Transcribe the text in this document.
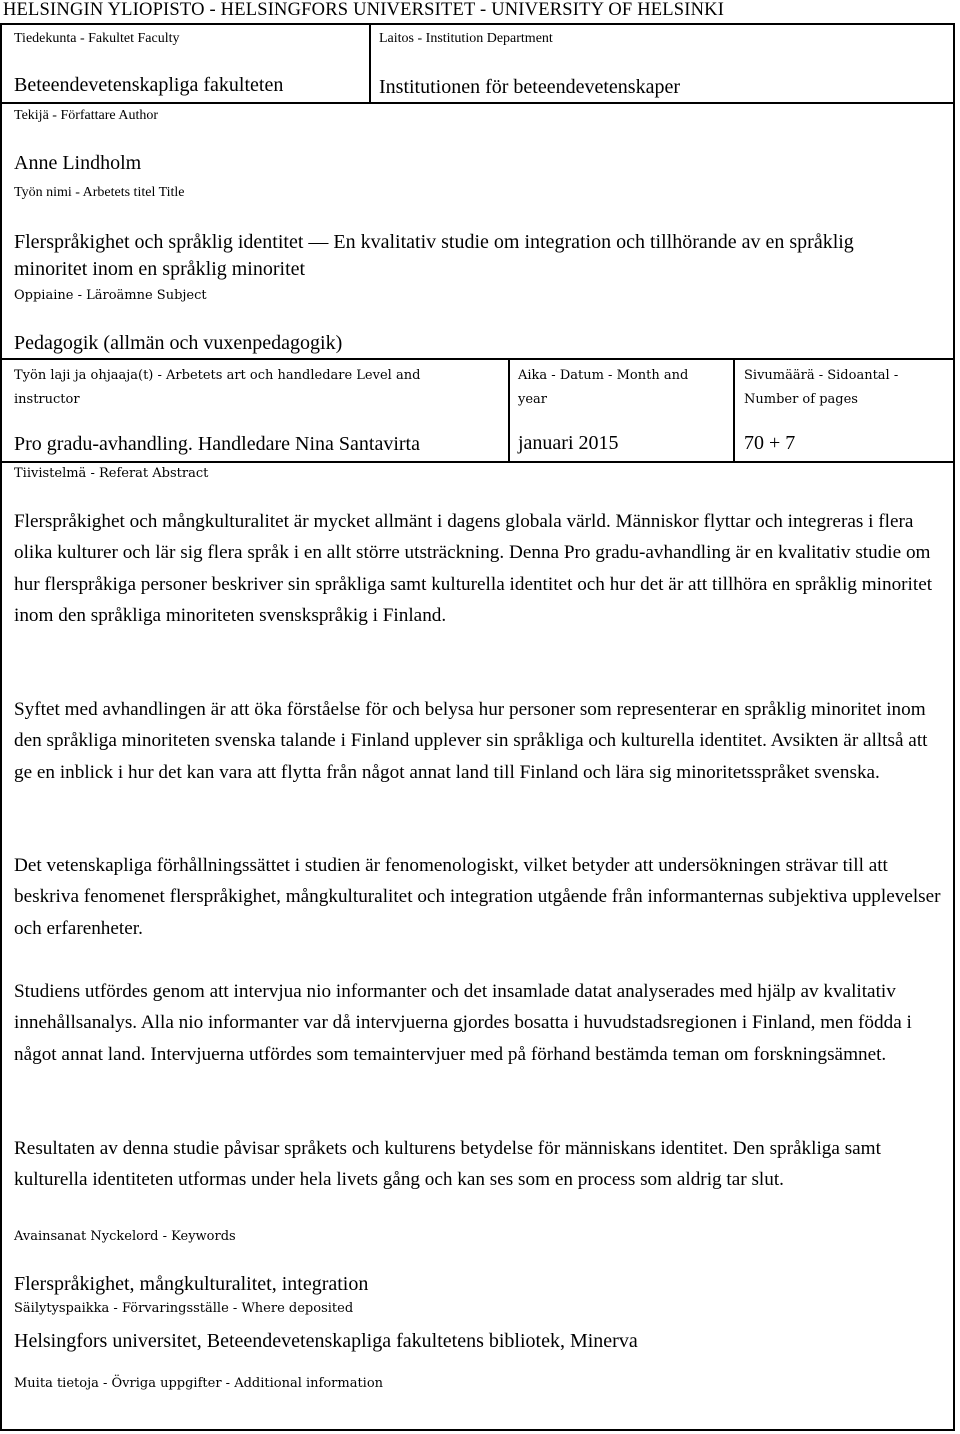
HELSINGIN YLIOPISTO - HELSINGFORS UNIVERSITET - UNIVERSITY OF HELSINKI
Tiedekunta - Fakultet Faculty
Beteendevetenskapliga fakulteten
Laitos - Institution Department
Institutionen för beteendevetenskaper
Tekijä - Författare Author
Anne Lindholm
Työn nimi - Arbetets titel Title
Flerspråkighet och språklig identitet — En kvalitativ studie om integration och tillhörande av en språklig minoritet inom en språklig minoritet
Oppiaine - Läroämne Subject
Pedagogik (allmän och vuxenpedagogik)
Työn laji ja ohjaaja(t) - Arbetets art och handledare Level and instructor
Pro gradu-avhandling. Handledare Nina Santavirta
Aika - Datum - Month and year
januari 2015
Sivumäärä - Sidoantal - Number of pages
70 + 7
Tiivistelmä - Referat Abstract

Flerspråkighet och mångkulturalitet är mycket allmänt i dagens globala värld. Människor flyttar och integreras i flera olika kulturer och lär sig flera språk i en allt större utsträckning. Denna Pro gradu-avhandling är en kvalitativ studie om hur flerspråkiga personer beskriver sin språkliga samt kulturella identitet och hur det är att tillhöra en språklig minoritet inom den språkliga minoriteten svenskspråkig i Finland.

Syftet med avhandlingen är att öka förståelse för och belysa hur personer som representerar en språklig minoritet inom den språkliga minoriteten svenska talande i Finland upplever sin språkliga och kulturella identitet. Avsikten är alltså att ge en inblick i hur det kan vara att flytta från något annat land till Finland och lära sig minoritetsspråket svenska.

Det vetenskapliga förhållningssättet i studien är fenomenologiskt, vilket betyder att undersökningen strävar till att beskriva fenomenet flerspråkighet, mångkulturalitet och integration utgående från informanternas subjektiva upplevelser och erfarenheter.

Studiens utfördes genom att intervjua nio informanter och det insamlade datat analyserades med hjälp av kvalitativ innehållsanalys. Alla nio informanter var då intervjuerna gjordes bosatta i huvudstadsregionen i Finland, men födda i något annat land. Intervjuerna utfördes som temaintervjuer med på förhand bestämda teman om forskningsämnet.

Resultaten av denna studie påvisar språkets och kulturens betydelse för människans identitet. Den språkliga samt kulturella identiteten utformas under hela livets gång och kan ses som en process som aldrig tar slut.

Avainsanat Nyckelord - Keywords
Flerspråkighet, mångkulturalitet, integration
Säilytyspaikka - Förvaringsställe - Where deposited
Helsingfors universitet, Beteendevetenskapliga fakultetens bibliotek, Minerva
Muita tietoja - Övriga uppgifter - Additional information
